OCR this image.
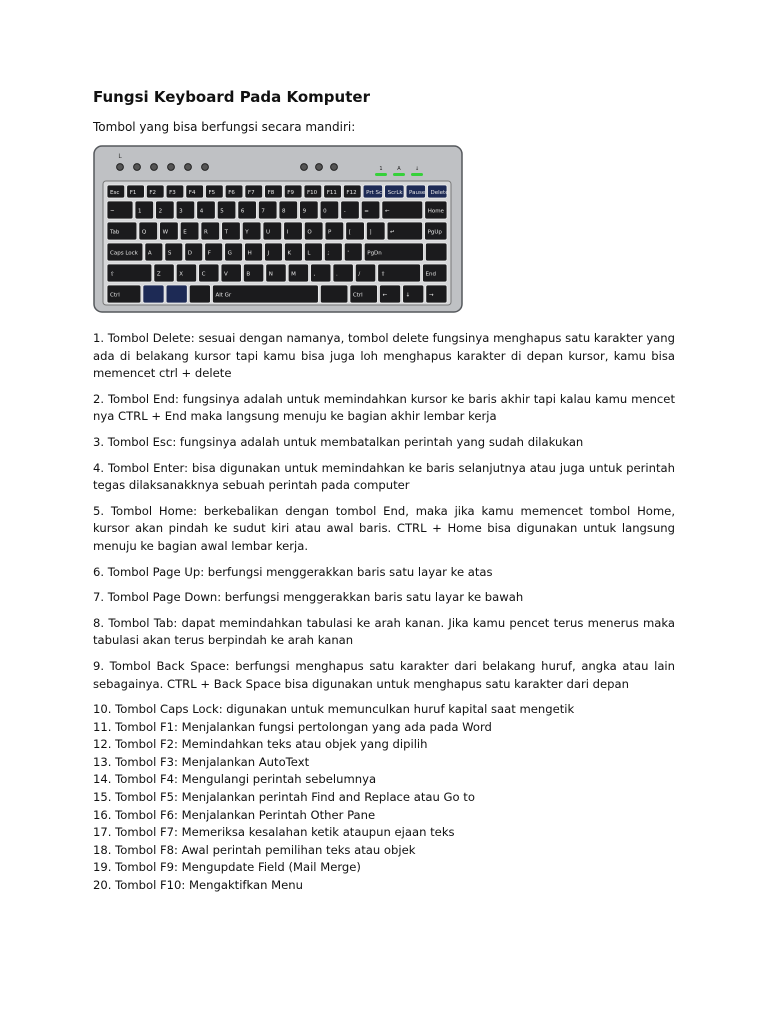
Fungsi Keyboard Pada Komputer

Tombol yang bisa berfungsi secara mandiri:

L
1	A	↓
Esc F1 F2 F3 F4 F5 F6 F7 F8 F9 F10 F11 F12 Prt Scr ScrLk Pause Delete
~	1	2	3	4	5	6	7	8	9	0	-	=	←	Home
Tab	Q	W	E	R	T	Y	U	I	O	P	[	]	↵	PgUp
Caps Lock A	S	D	F	G	H	J	K	L	;	'	PgDn
⇧	Z	X	C	V	B	N	M	,	.	/	⇧	End
Ctrl	Alt Gr	Ctrl	←	↓	→

1. Tombol Delete: sesuai dengan namanya, tombol delete fungsinya menghapus satu karakter yang ada di belakang kursor tapi kamu bisa juga loh menghapus karakter di depan kursor, kamu bisa memencet ctrl + delete

2. Tombol End: fungsinya adalah untuk memindahkan kursor ke baris akhir tapi kalau kamu mencet nya CTRL + End maka langsung menuju ke bagian akhir lembar kerja

3. Tombol Esc: fungsinya adalah untuk membatalkan perintah yang sudah dilakukan

4. Tombol Enter: bisa digunakan untuk memindahkan ke baris selanjutnya atau juga untuk perintah tegas dilaksanakknya sebuah perintah pada computer

5. Tombol Home: berkebalikan dengan tombol End, maka jika kamu memencet tombol Home, kursor akan pindah ke sudut kiri atau awal baris. CTRL + Home bisa digunakan untuk langsung menuju ke bagian awal lembar kerja.

6. Tombol Page Up: berfungsi menggerakkan baris satu layar ke atas

7. Tombol Page Down: berfungsi menggerakkan baris satu layar ke bawah

8. Tombol Tab: dapat memindahkan tabulasi ke arah kanan. Jika kamu pencet terus menerus maka tabulasi akan terus berpindah ke arah kanan

9. Tombol Back Space: berfungsi menghapus satu karakter dari belakang huruf, angka atau lain sebagainya. CTRL + Back Space bisa digunakan untuk menghapus satu karakter dari depan

10. Tombol Caps Lock: digunakan untuk memunculkan huruf kapital saat mengetik
11. Tombol F1: Menjalankan fungsi pertolongan yang ada pada Word
12. Tombol F2: Memindahkan teks atau objek yang dipilih
13. Tombol F3: Menjalankan AutoText
14. Tombol F4: Mengulangi perintah sebelumnya
15. Tombol F5: Menjalankan perintah Find and Replace atau Go to
16. Tombol F6: Menjalankan Perintah Other Pane
17. Tombol F7: Memeriksa kesalahan ketik ataupun ejaan teks
18. Tombol F8: Awal perintah pemilihan teks atau objek
19. Tombol F9: Mengupdate Field (Mail Merge)
20. Tombol F10: Mengaktifkan Menu
